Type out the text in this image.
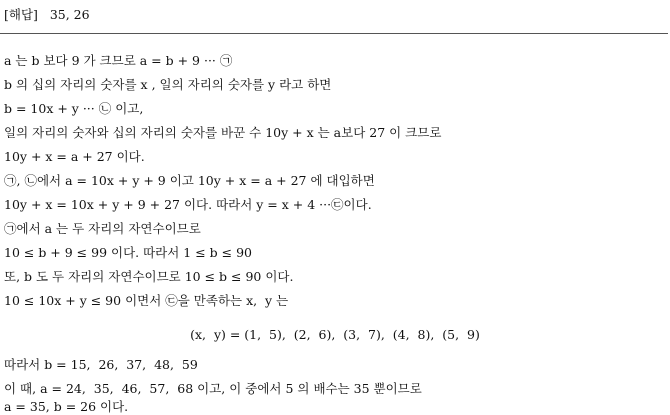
[해답]   35, 26
a 는 b 보다 9 가 크므로 a = b + 9 ··· ㉠
b 의 십의 자리의 숫자를 x , 일의 자리의 숫자를 y 라고 하면
b = 10x + y ··· ㉡ 이고,
일의 자리의 숫자와 십의 자리의 숫자를 바꾼 수 10y + x 는 a보다 27 이 크므로
10y + x = a + 27 이다.
㉠, ㉡에서 a = 10x + y + 9 이고 10y + x = a + 27 에 대입하면
10y + x = 10x + y + 9 + 27 이다. 따라서 y = x + 4 ···㉢이다.
㉠에서 a 는 두 자리의 자연수이므로
10 ≤ b + 9 ≤ 99 이다. 따라서 1 ≤ b ≤ 90
또, b 도 두 자리의 자연수이므로 10 ≤ b ≤ 90 이다.
10 ≤ 10x + y ≤ 90 이면서 ㉢을 만족하는 x,  y 는
(x,  y) = (1,  5),  (2,  6),  (3,  7),  (4,  8),  (5,  9)
따라서 b = 15,  26,  37,  48,  59
이 때, a = 24,  35,  46,  57,  68 이고, 이 중에서 5 의 배수는 35 뿐이므로
a = 35, b = 26 이다.
